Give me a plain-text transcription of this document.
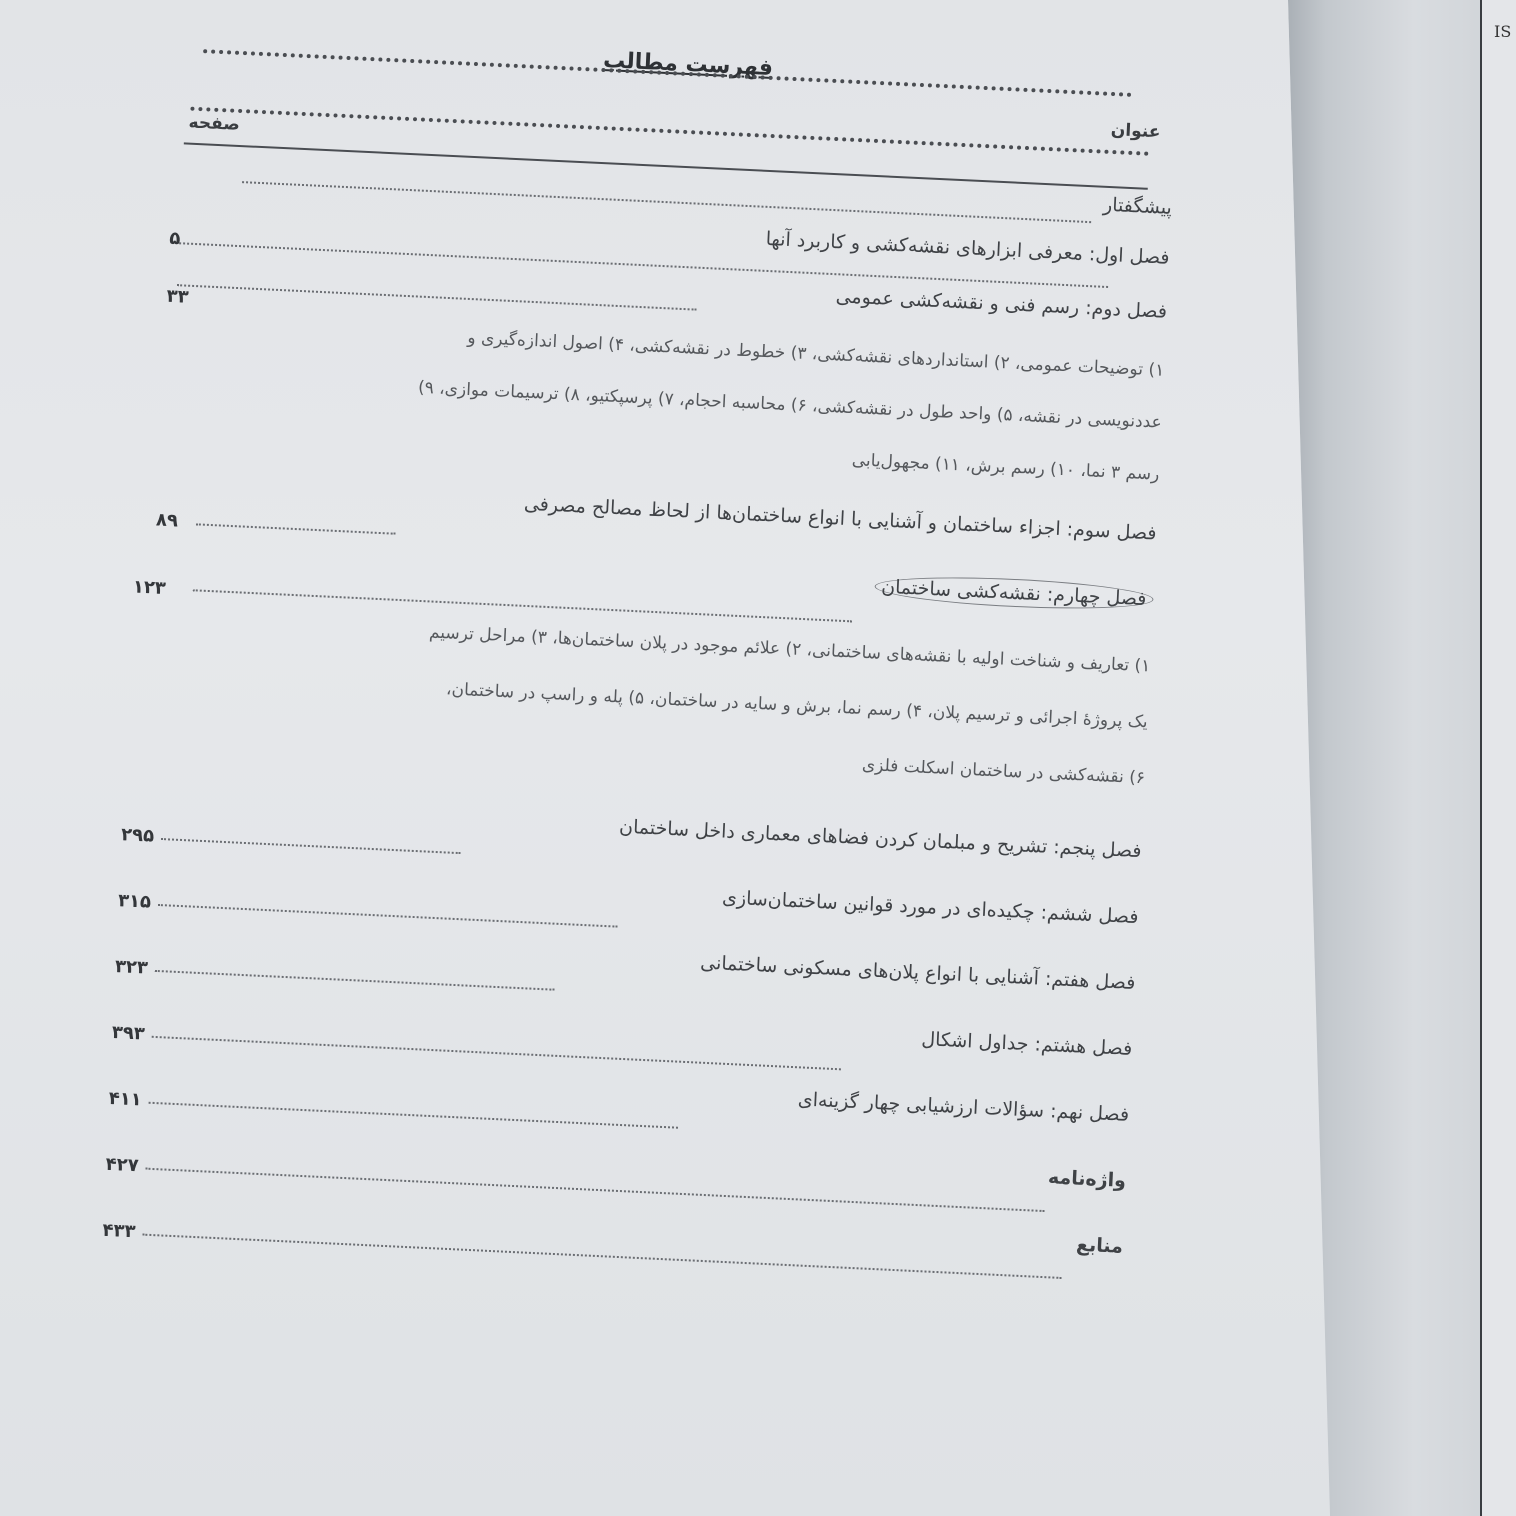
IS
فهرست مطالب
عنوان
صفحه
پیشگفتار
فصل اول: معرفی ابزارهای نقشه‌کشی و کاربرد آنها
۵
فصل دوم: رسم فنی و نقشه‌کشی عمومی
۳۳
۱) توضیحات عمومی، ۲) استانداردهای نقشه‌کشی، ۳) خطوط در نقشه‌کشی، ۴) اصول اندازه‌گیری و
عددنویسی در نقشه، ۵) واحد طول در نقشه‌کشی، ۶) محاسبه احجام، ۷) پرسپکتیو، ۸) ترسیمات موازی، ۹)
رسم ۳ نما، ۱۰) رسم برش، ۱۱) مجهول‌یابی
فصل سوم: اجزاء ساختمان و آشنایی با انواع ساختمان‌ها از لحاظ مصالح مصرفی
۸۹
فصل چهارم: نقشه‌کشی ساختمان
۱۲۳
۱) تعاریف و شناخت اولیه با نقشه‌های ساختمانی، ۲) علائم موجود در پلان ساختمان‌ها، ۳) مراحل ترسیم
یک پروژهٔ اجرائی و ترسیم پلان، ۴) رسم نما، برش و سایه در ساختمان، ۵) پله و راسپ در ساختمان،
۶) نقشه‌کشی در ساختمان اسکلت فلزی
فصل پنجم: تشریح و مبلمان کردن فضاهای معماری داخل ساختمان
۲۹۵
فصل ششم: چکیده‌ای در مورد قوانین ساختمان‌سازی
۳۱۵
فصل هفتم: آشنایی با انواع پلان‌های مسکونی ساختمانی
۳۲۳
فصل هشتم: جداول اشکال
۳۹۳
فصل نهم: سؤالات ارزشیابی چهار گزینه‌ای
۴۱۱
واژه‌نامه
۴۲۷
منابع
۴۳۳
